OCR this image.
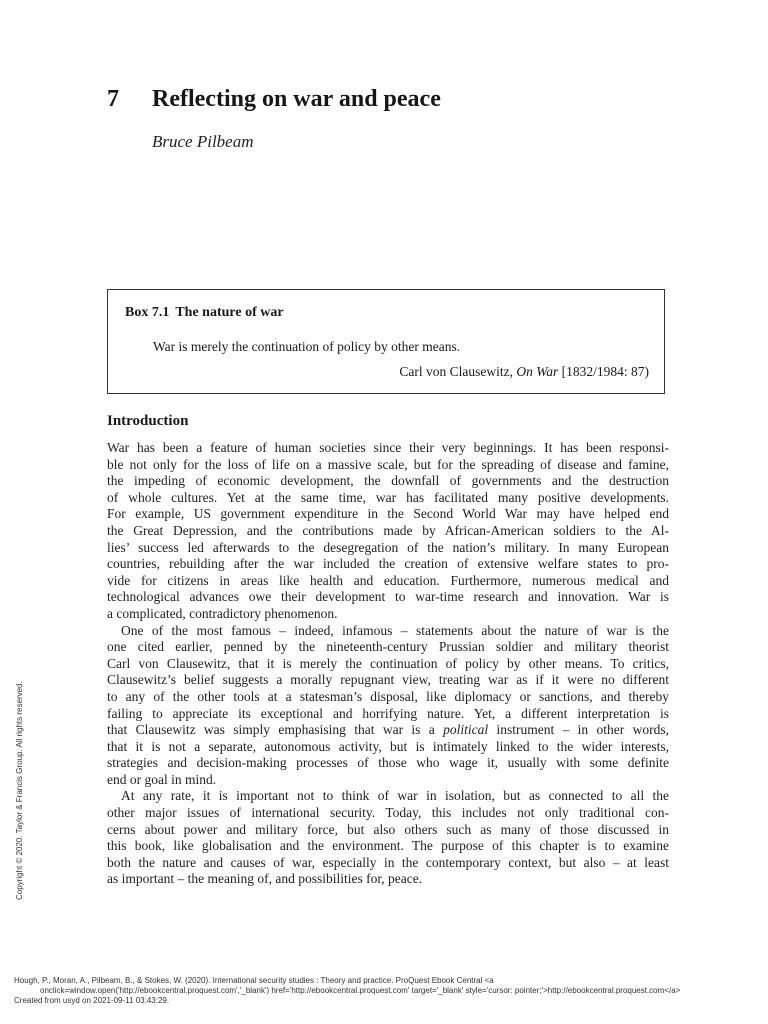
7 Reflecting on war and peace
Bruce Pilbeam
Box 7.1 The nature of war
War is merely the continuation of policy by other means.
Carl von Clausewitz, On War [1832/1984: 87)
Introduction
War has been a feature of human societies since their very beginnings. It has been responsi-
ble not only for the loss of life on a massive scale, but for the spreading of disease and famine,
the impeding of economic development, the downfall of governments and the destruction
of whole cultures. Yet at the same time, war has facilitated many positive developments.
For example, US government expenditure in the Second World War may have helped end
the Great Depression, and the contributions made by African-American soldiers to the Al-
lies’ success led afterwards to the desegregation of the nation’s military. In many European
countries, rebuilding after the war included the creation of extensive welfare states to pro-
vide for citizens in areas like health and education. Furthermore, numerous medical and
technological advances owe their development to war-time research and innovation. War is
a complicated, contradictory phenomenon.
One of the most famous – indeed, infamous – statements about the nature of war is the
one cited earlier, penned by the nineteenth-century Prussian soldier and military theorist
Carl von Clausewitz, that it is merely the continuation of policy by other means. To critics,
Clausewitz’s belief suggests a morally repugnant view, treating war as if it were no different
to any of the other tools at a statesman’s disposal, like diplomacy or sanctions, and thereby
failing to appreciate its exceptional and horrifying nature. Yet, a different interpretation is
that Clausewitz was simply emphasising that war is a political instrument – in other words,
that it is not a separate, autonomous activity, but is intimately linked to the wider interests,
strategies and decision-making processes of those who wage it, usually with some definite
end or goal in mind.
At any rate, it is important not to think of war in isolation, but as connected to all the
other major issues of international security. Today, this includes not only traditional con-
cerns about power and military force, but also others such as many of those discussed in
this book, like globalisation and the environment. The purpose of this chapter is to examine
both the nature and causes of war, especially in the contemporary context, but also – at least
as important – the meaning of, and possibilities for, peace.
Copyright © 2020. Taylor & Francis Group. All rights reserved.
Hough, P., Moran, A., Pilbeam, B., & Stokes, W. (2020). International security studies : Theory and practice. ProQuest Ebook Central <a
onclick=window.open('http://ebookcentral.proquest.com','_blank') href='http://ebookcentral.proquest.com' target='_blank' style='cursor: pointer;'>http://ebookcentral.proquest.com</a>
Created from usyd on 2021-09-11 03:43:29.
